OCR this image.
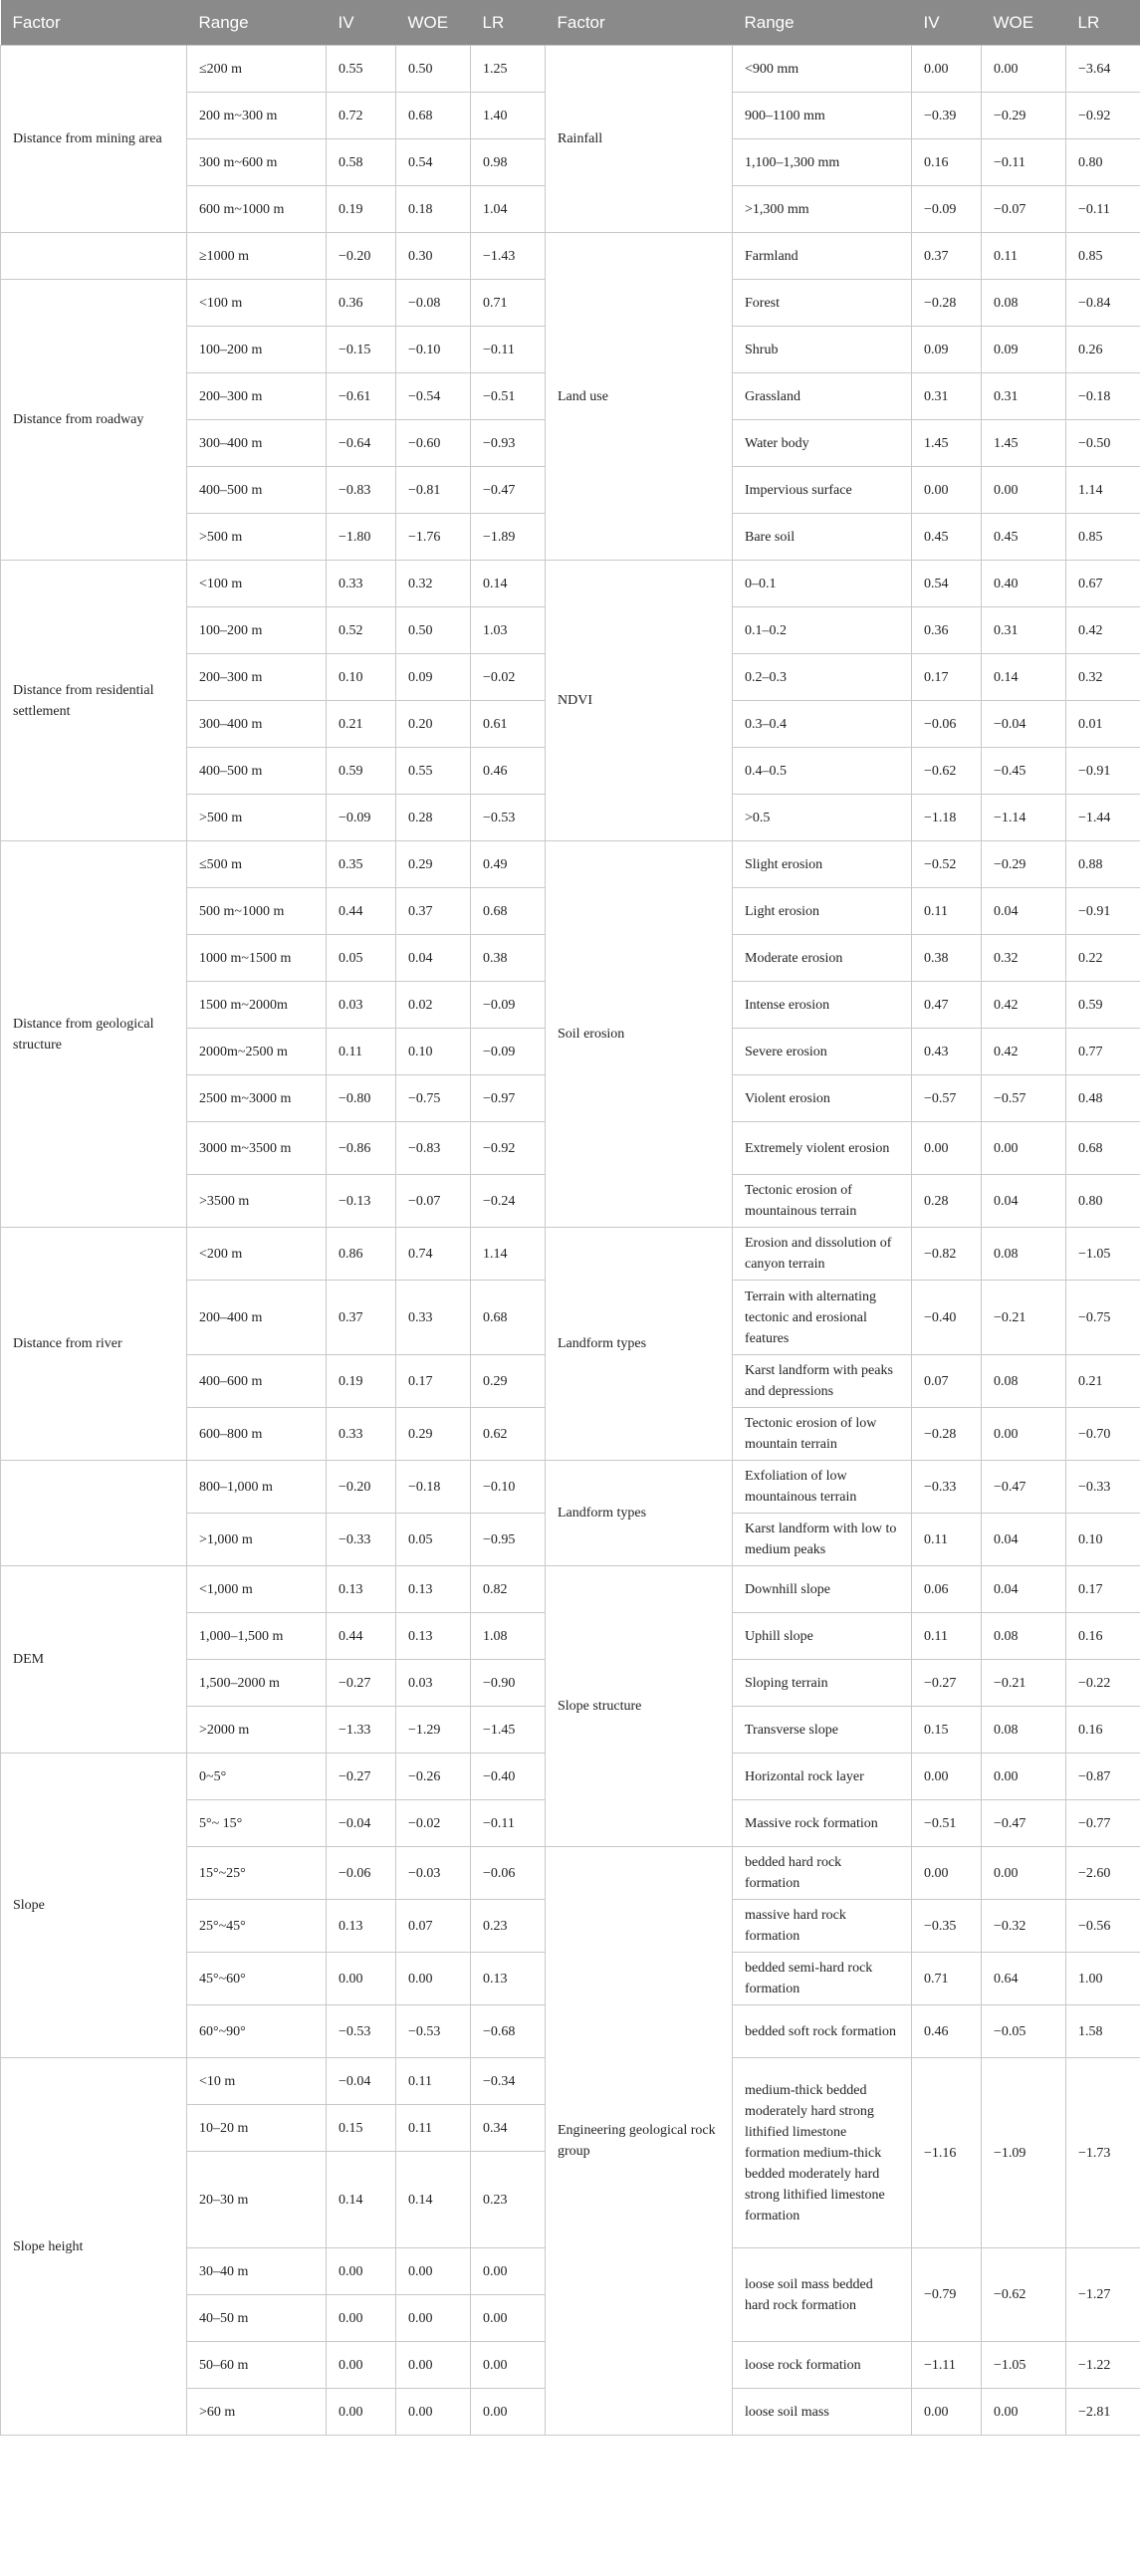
Factor	Range	IV	WOE	LR	Factor	Range	IV	WOE	LR
Distance from mining area	≤200 m	0.55	0.50	1.25	Rainfall	<900 mm	0.00	0.00	−3.64
	200 m~300 m	0.72	0.68	1.40		900–1100 mm	−0.39	−0.29	−0.92
	300 m~600 m	0.58	0.54	0.98		1,100–1,300 mm	0.16	−0.11	0.80
	600 m~1000 m	0.19	0.18	1.04		>1,300 mm	−0.09	−0.07	−0.11
	≥1000 m	−0.20	0.30	−1.43	Land use	Farmland	0.37	0.11	0.85
Distance from roadway	<100 m	0.36	−0.08	0.71		Forest	−0.28	0.08	−0.84
	100–200 m	−0.15	−0.10	−0.11		Shrub	0.09	0.09	0.26
	200–300 m	−0.61	−0.54	−0.51		Grassland	0.31	0.31	−0.18
	300–400 m	−0.64	−0.60	−0.93		Water body	1.45	1.45	−0.50
	400–500 m	−0.83	−0.81	−0.47		Impervious surface	0.00	0.00	1.14
	>500 m	−1.80	−1.76	−1.89		Bare soil	0.45	0.45	0.85
Distance from residential settlement	<100 m	0.33	0.32	0.14	NDVI	0–0.1	0.54	0.40	0.67
	100–200 m	0.52	0.50	1.03		0.1–0.2	0.36	0.31	0.42
	200–300 m	0.10	0.09	−0.02		0.2–0.3	0.17	0.14	0.32
	300–400 m	0.21	0.20	0.61		0.3–0.4	−0.06	−0.04	0.01
	400–500 m	0.59	0.55	0.46		0.4–0.5	−0.62	−0.45	−0.91
	>500 m	−0.09	0.28	−0.53		>0.5	−1.18	−1.14	−1.44
Distance from geological structure	≤500 m	0.35	0.29	0.49	Soil erosion	Slight erosion	−0.52	−0.29	0.88
	500 m~1000 m	0.44	0.37	0.68		Light erosion	0.11	0.04	−0.91
	1000 m~1500 m	0.05	0.04	0.38		Moderate erosion	0.38	0.32	0.22
	1500 m~2000m	0.03	0.02	−0.09		Intense erosion	0.47	0.42	0.59
	2000m~2500 m	0.11	0.10	−0.09		Severe erosion	0.43	0.42	0.77
	2500 m~3000 m	−0.80	−0.75	−0.97		Violent erosion	−0.57	−0.57	0.48
	3000 m~3500 m	−0.86	−0.83	−0.92		Extremely violent erosion	0.00	0.00	0.68
	>3500 m	−0.13	−0.07	−0.24		Tectonic erosion of mountainous terrain	0.28	0.04	0.80
Distance from river	<200 m	0.86	0.74	1.14	Landform types	Erosion and dissolution of canyon terrain	−0.82	0.08	−1.05
	200–400 m	0.37	0.33	0.68		Terrain with alternating tectonic and erosional features	−0.40	−0.21	−0.75
	400–600 m	0.19	0.17	0.29		Karst landform with peaks and depressions	0.07	0.08	0.21
	600–800 m	0.33	0.29	0.62		Tectonic erosion of low mountain terrain	−0.28	0.00	−0.70
	800–1,000 m	−0.20	−0.18	−0.10	Landform types	Exfoliation of low mountainous terrain	−0.33	−0.47	−0.33
	>1,000 m	−0.33	0.05	−0.95		Karst landform with low to medium peaks	0.11	0.04	0.10
DEM	<1,000 m	0.13	0.13	0.82	Slope structure	Downhill slope	0.06	0.04	0.17
	1,000–1,500 m	0.44	0.13	1.08		Uphill slope	0.11	0.08	0.16
	1,500–2000 m	−0.27	0.03	−0.90		Sloping terrain	−0.27	−0.21	−0.22
	>2000 m	−1.33	−1.29	−1.45		Transverse slope	0.15	0.08	0.16
Slope	0~5°	−0.27	−0.26	−0.40		Horizontal rock layer	0.00	0.00	−0.87
	5°~ 15°	−0.04	−0.02	−0.11		Massive rock formation	−0.51	−0.47	−0.77
	15°~25°	−0.06	−0.03	−0.06	Engineering geological rock group	bedded hard rock formation	0.00	0.00	−2.60
	25°~45°	0.13	0.07	0.23		massive hard rock formation	−0.35	−0.32	−0.56
	45°~60°	0.00	0.00	0.13		bedded semi-hard rock formation	0.71	0.64	1.00
	60°~90°	−0.53	−0.53	−0.68		bedded soft rock formation	0.46	−0.05	1.58
Slope height	<10 m	−0.04	0.11	−0.34		medium-thick bedded moderately hard strong lithified limestone formation medium-thick bedded moderately hard strong lithified limestone formation	−1.16	−1.09	−1.73
	10–20 m	0.15	0.11	0.34					
	20–30 m	0.14	0.14	0.23					
	30–40 m	0.00	0.00	0.00		loose soil mass bedded hard rock formation	−0.79	−0.62	−1.27
	40–50 m	0.00	0.00	0.00					
	50–60 m	0.00	0.00	0.00		loose rock formation	−1.11	−1.05	−1.22
	>60 m	0.00	0.00	0.00		loose soil mass	0.00	0.00	−2.81
